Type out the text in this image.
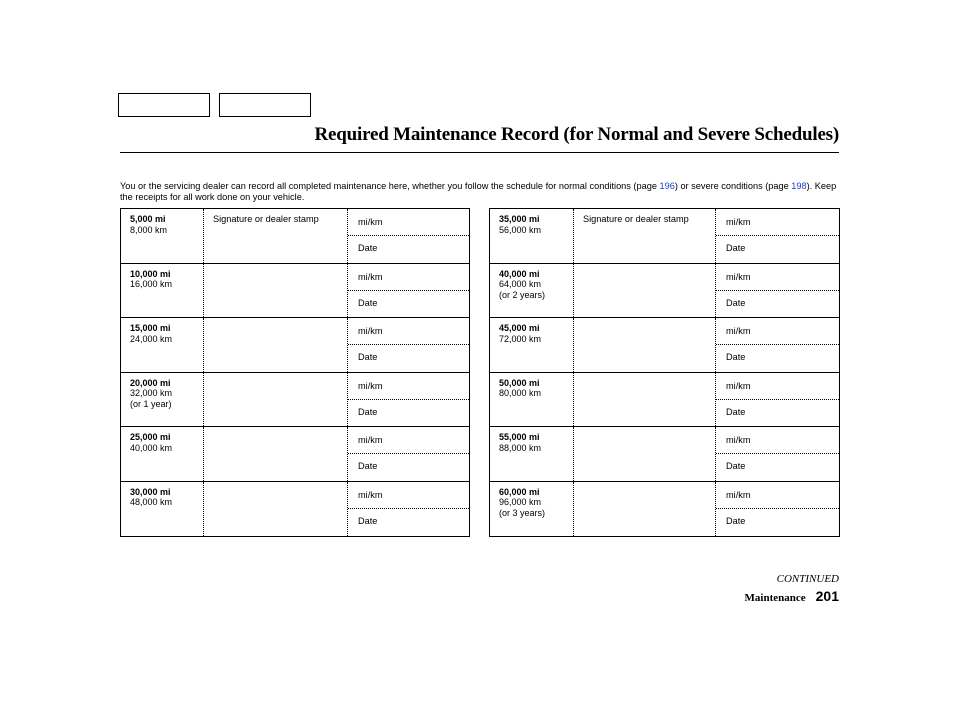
Required Maintenance Record (for Normal and Severe Schedules)
You or the servicing dealer can record all completed maintenance here, whether you follow the schedule for normal conditions (page 196) or severe conditions (page 198). Keep the receipts for all work done on your vehicle.
5,000 mi
8,000 km
Signature or dealer stamp	mi/km
Date
10,000 mi
16,000 km
mi/km
Date
15,000 mi
24,000 km
mi/km
Date
20,000 mi
32,000 km
(or 1 year)
mi/km
Date
25,000 mi
40,000 km
mi/km
Date
30,000 mi
48,000 km
mi/km
Date
35,000 mi
56,000 km
Signature or dealer stamp	mi/km
Date
40,000 mi
64,000 km
(or 2 years)
mi/km
Date
45,000 mi
72,000 km
mi/km
Date
50,000 mi
80,000 km
mi/km
Date
55,000 mi
88,000 km
mi/km
Date
60,000 mi
96,000 km
(or 3 years)
mi/km
Date
CONTINUED
Maintenance 201
